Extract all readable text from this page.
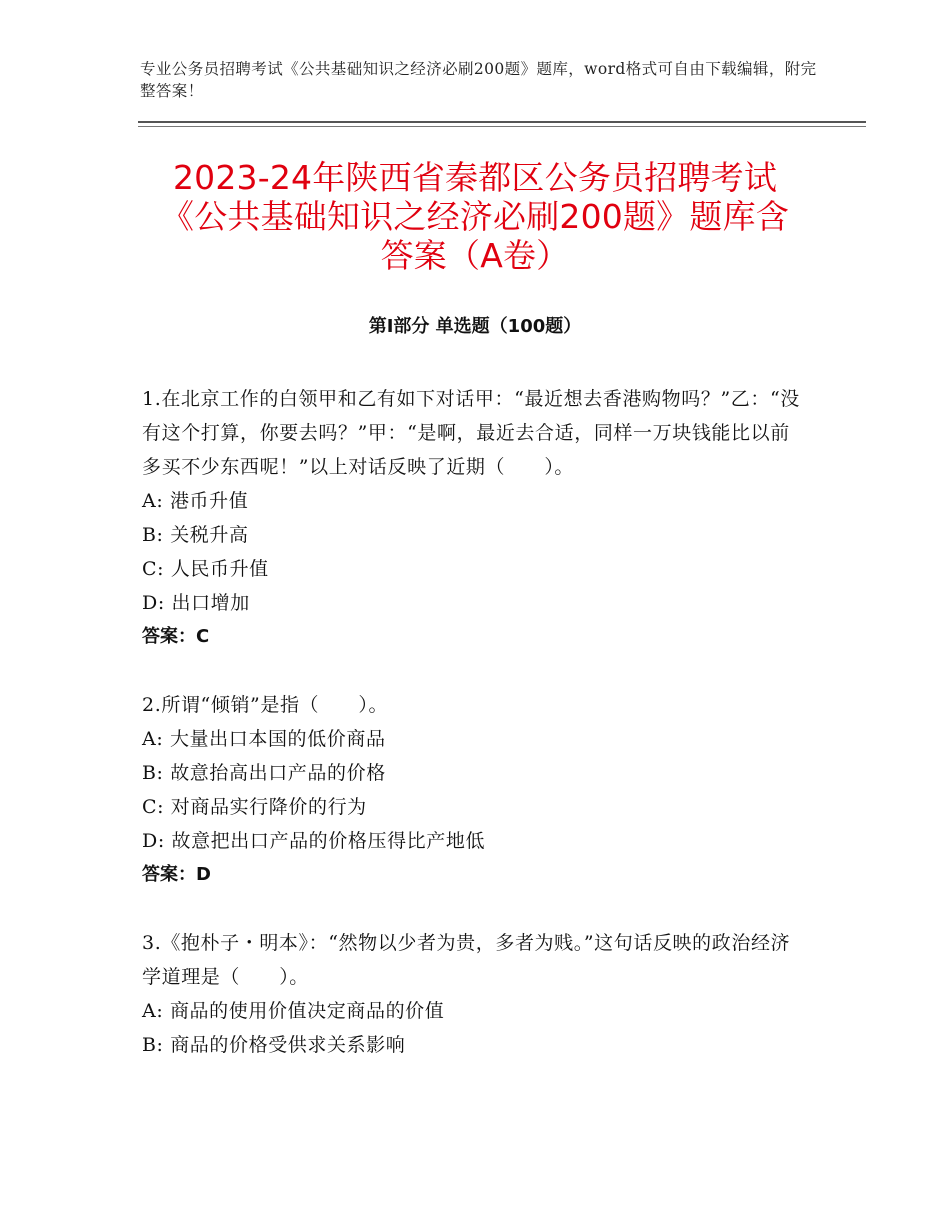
专业公务员招聘考试《公共基础知识之经济必刷200题》题库，word格式可自由下载编辑，附完整答案！
2023-24年陕西省秦都区公务员招聘考试《公共基础知识之经济必刷200题》题库含答案（A卷）
第Ⅰ部分 单选题（100题）

1.在北京工作的白领甲和乙有如下对话甲：“最近想去香港购物吗？”乙：“没有这个打算，你要去吗？”甲：“是啊，最近去合适，同样一万块钱能比以前多买不少东西呢！”以上对话反映了近期（　　）。

A: 港币升值

B: 关税升高

C: 人民币升值

D: 出口增加

答案：C

2.所谓“倾销”是指（　　）。

A: 大量出口本国的低价商品

B: 故意抬高出口产品的价格

C: 对商品实行降价的行为

D: 故意把出口产品的价格压得比产地低

答案：D

3.《抱朴子・明本》：“然物以少者为贵，多者为贱。”这句话反映的政治经济学道理是（　　）。

A: 商品的使用价值决定商品的价值

B: 商品的价格受供求关系影响
